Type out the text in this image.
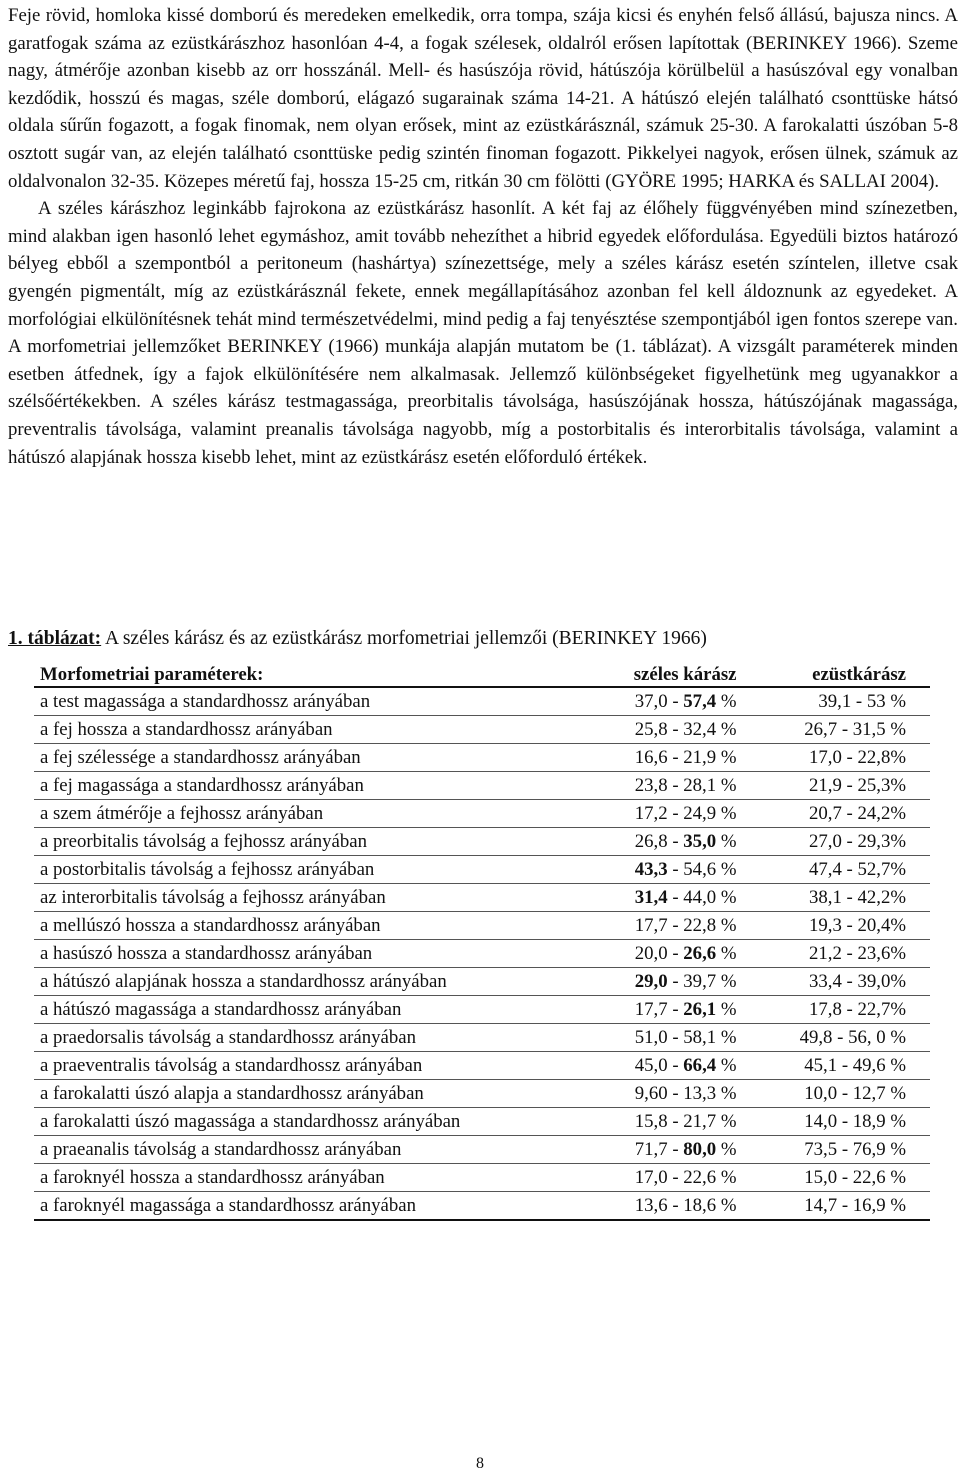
Feje rövid, homloka kissé domború és meredeken emelkedik, orra tompa, szája kicsi és enyhén felső állású, bajusza nincs. A garatfogak száma az ezüstkárászhoz hasonlóan 4-4, a fogak szélesek, oldalról erősen lapítottak (BERINKEY 1966). Szeme nagy, átmérője azonban kisebb az orr hosszánál. Mell- és hasúszója rövid, hátúszója körülbelül a hasúszóval egy vonalban kezdődik, hosszú és magas, széle domború, elágazó sugarainak száma 14-21. A hátúszó elején található csonttüske hátsó oldala sűrűn fogazott, a fogak finomak, nem olyan erősek, mint az ezüstkárásznál, számuk 25-30. A farokalatti úszóban 5-8 osztott sugár van, az elején található csonttüske pedig szintén finoman fogazott. Pikkelyei nagyok, erősen ülnek, számuk az oldalvonalon 32-35. Közepes méretű faj, hossza 15-25 cm, ritkán 30 cm fölötti (GYÖRE 1995; HARKA és SALLAI 2004).

A széles kárászhoz leginkább fajrokona az ezüstkárász hasonlít. A két faj az élőhely függvényében mind színezetben, mind alakban igen hasonló lehet egymáshoz, amit tovább nehezíthet a hibrid egyedek előfordulása. Egyedüli biztos határozó bélyeg ebből a szempontból a peritoneum (hashártya) színezettsége, mely a széles kárász esetén színtelen, illetve csak gyengén pigmentált, míg az ezüstkárásznál fekete, ennek megállapításához azonban fel kell áldoznunk az egyedeket. A morfológiai elkülönítésnek tehát mind természetvédelmi, mind pedig a faj tenyésztése szempontjából igen fontos szerepe van. A morfometriai jellemzőket BERINKEY (1966) munkája alapján mutatom be (1. táblázat). A vizsgált paraméterek minden esetben átfednek, így a fajok elkülönítésére nem alkalmasak. Jellemző különbségeket figyelhetünk meg ugyanakkor a szélsőértékekben. A széles kárász testmagassága, preorbitalis távolsága, hasúszójának hossza, hátúszójának magassága, preventralis távolsága, valamint preanalis távolsága nagyobb, míg a postorbitalis és interorbitalis távolsága, valamint a hátúszó alapjának hossza kisebb lehet, mint az ezüstkárász esetén előforduló értékek.

1. táblázat: A széles kárász és az ezüstkárász morfometriai jellemzői (BERINKEY 1966)
Morfometriai paraméterek:	széles kárász	ezüstkárász
a test magassága a standardhossz arányában	37,0 - 57,4 %	39,1 - 53 %
a fej hossza a standardhossz arányában	25,8 - 32,4 %	26,7 - 31,5 %
a fej szélessége a standardhossz arányában	16,6 - 21,9 %	17,0 - 22,8%
a fej magassága a standardhossz arányában	23,8 - 28,1 %	21,9 - 25,3%
a szem átmérője a fejhossz arányában	17,2 - 24,9 %	20,7 - 24,2%
a preorbitalis távolság a fejhossz arányában	26,8 - 35,0 %	27,0 - 29,3%
a postorbitalis távolság a fejhossz arányában	43,3 - 54,6 %	47,4 - 52,7%
az interorbitalis távolság a fejhossz arányában	31,4 - 44,0 %	38,1 - 42,2%
a mellúszó hossza a standardhossz arányában	17,7 - 22,8 %	19,3 - 20,4%
a hasúszó hossza a standardhossz arányában	20,0 - 26,6 %	21,2 - 23,6%
a hátúszó alapjának hossza a standardhossz arányában	29,0 - 39,7 %	33,4 - 39,0%
a hátúszó magassága a standardhossz arányában	17,7 - 26,1 %	17,8 - 22,7%
a praedorsalis távolság a standardhossz arányában	51,0 - 58,1 %	49,8 - 56, 0 %
a praeventralis távolság a standardhossz arányában	45,0 - 66,4 %	45,1 - 49,6 %
a farokalatti úszó alapja a standardhossz arányában	9,60 - 13,3 %	10,0 - 12,7 %
a farokalatti úszó magassága a standardhossz arányában	15,8 - 21,7 %	14,0 - 18,9 %
a praeanalis távolság a standardhossz arányában	71,7 - 80,0 %	73,5 - 76,9 %
a faroknyél hossza a standardhossz arányában	17,0 - 22,6 %	15,0 - 22,6 %
a faroknyél magassága a standardhossz arányában	13,6 - 18,6 %	14,7 - 16,9 %
8
